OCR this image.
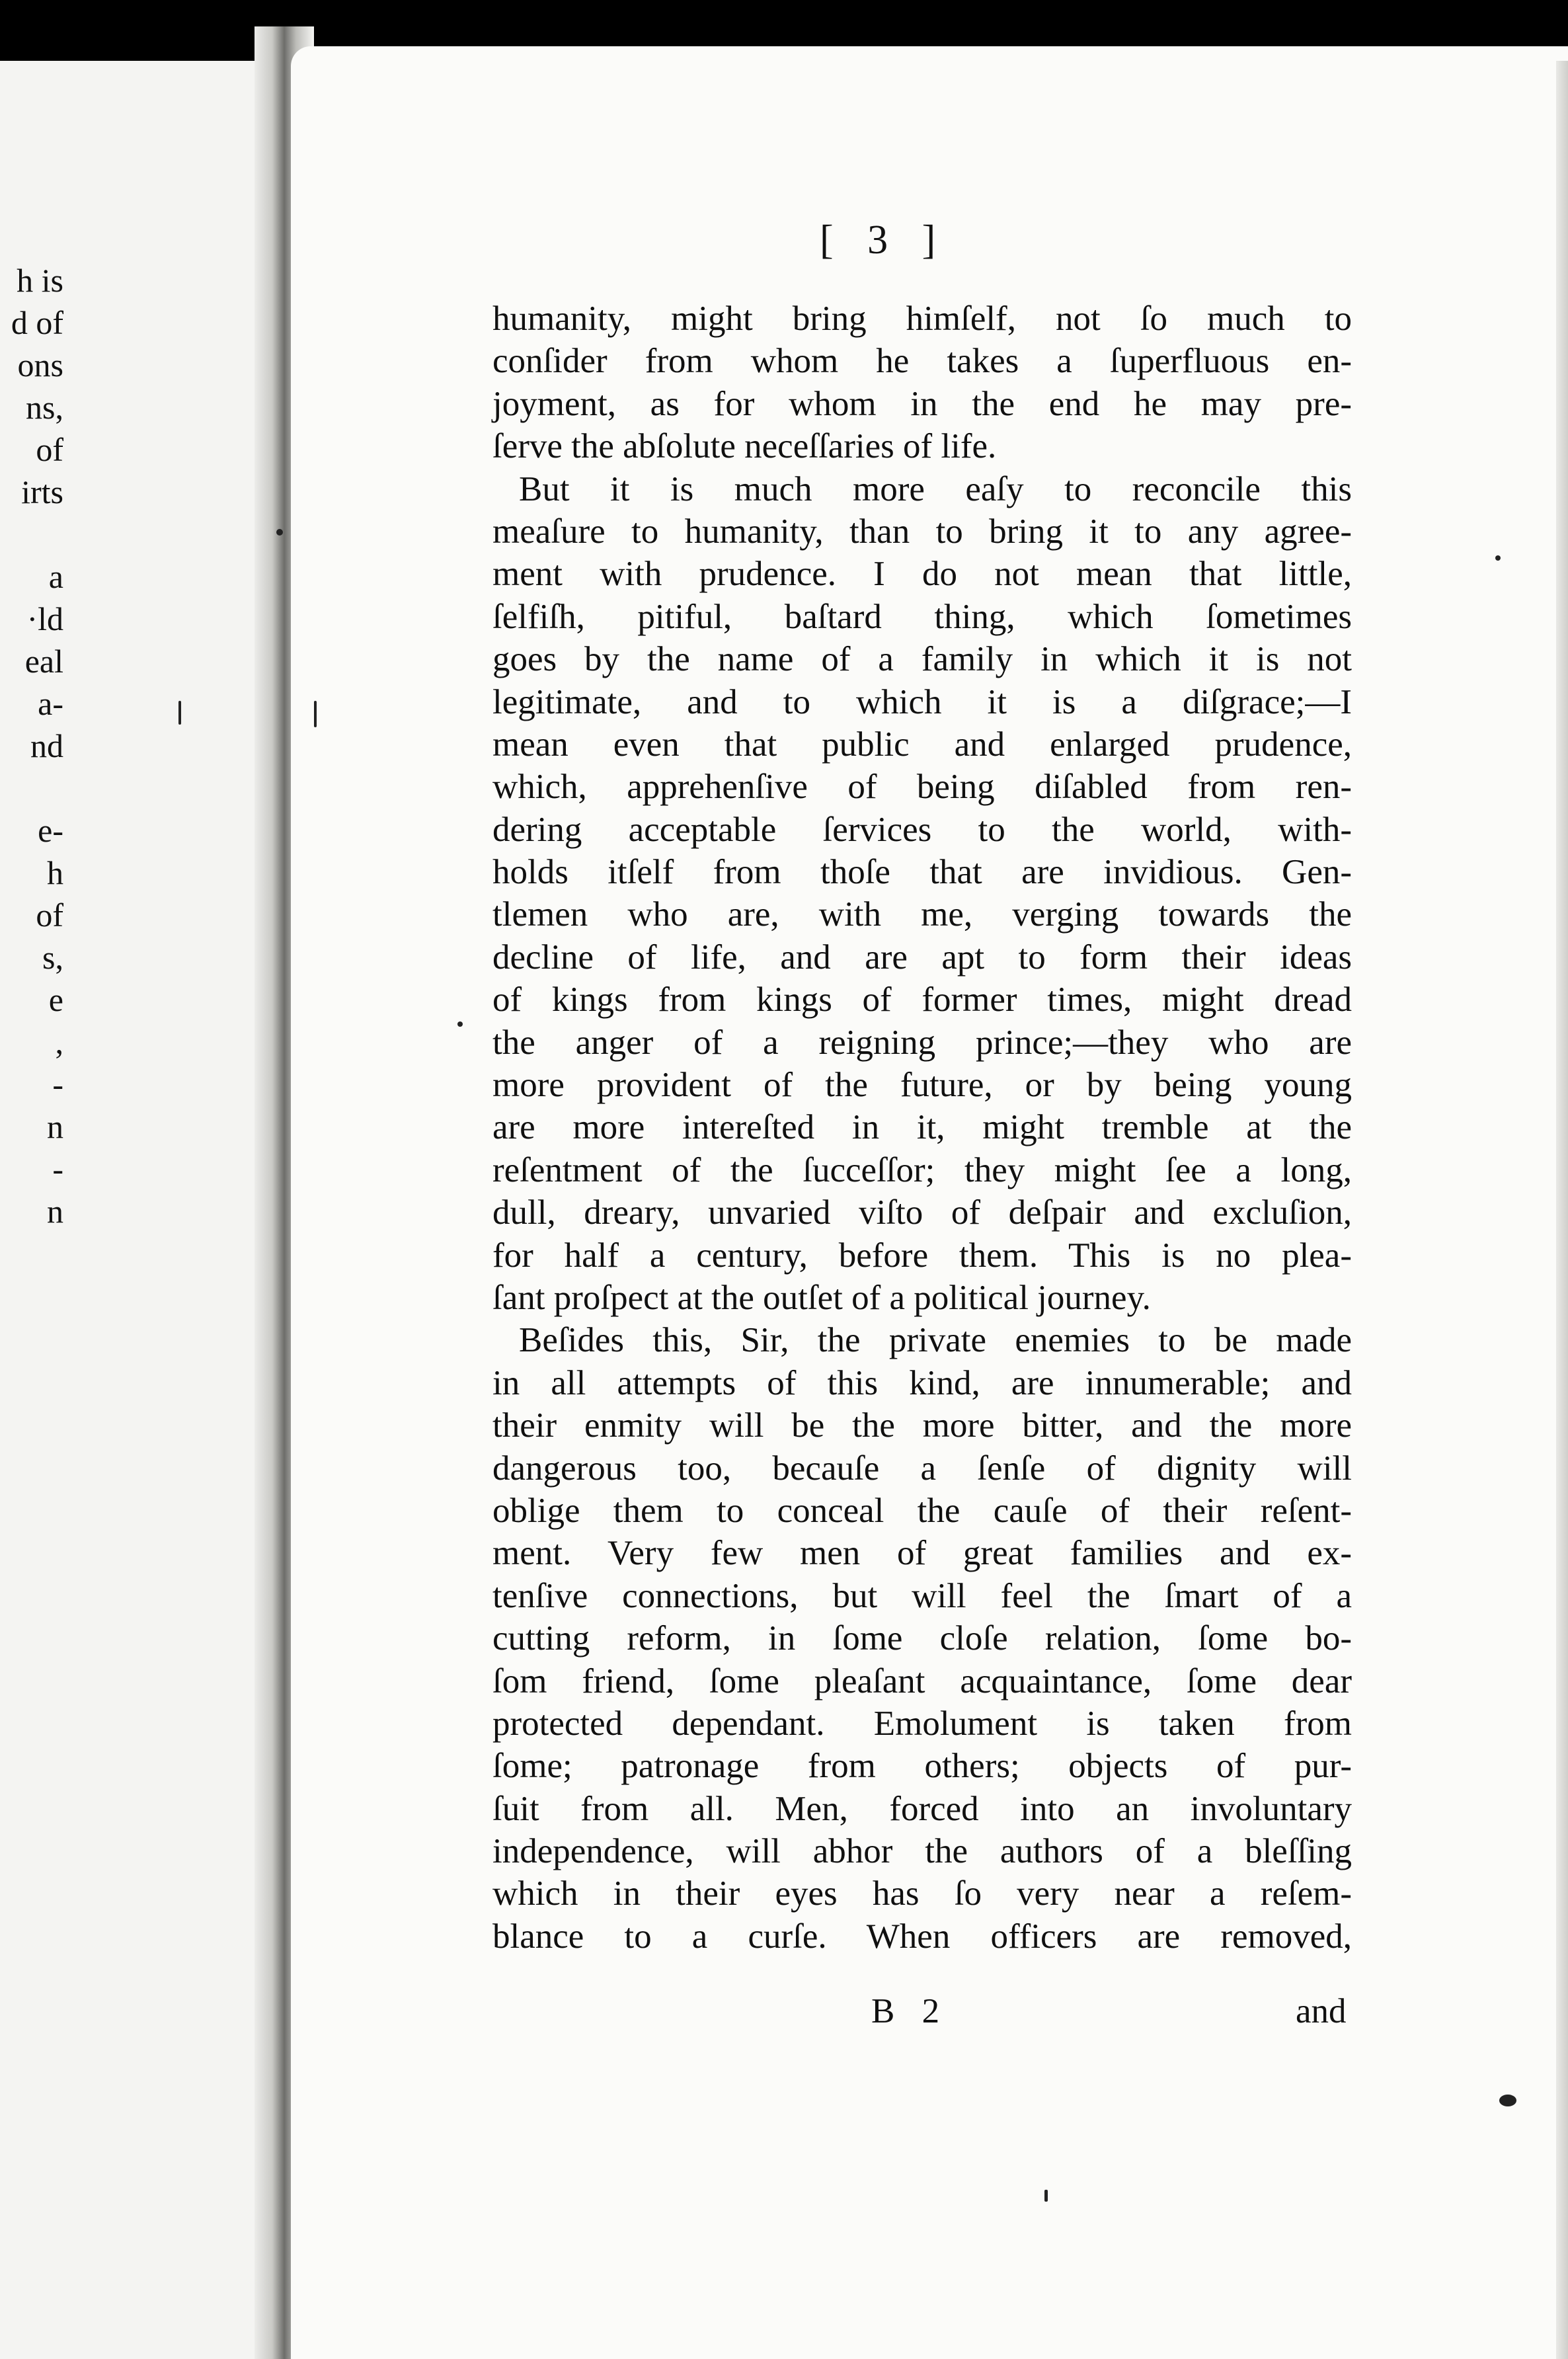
h is
d of
ons
ns,
of
irts

a
·ld
eal
a-
nd

e-
h
of
s,
e
,
-
n
-
n
[ 3 ]
humanity, might bring himſelf, not ſo much to
conſider from whom he takes a ſuperfluous en-
joyment, as for whom in the end he may pre-
ſerve the abſolute neceſſaries of life.
But it is much more eaſy to reconcile this
meaſure to humanity, than to bring it to any agree-
ment with prudence. I do not mean that little,
ſelfiſh, pitiful, baſtard thing, which ſometimes
goes by the name of a family in which it is not
legitimate, and to which it is a diſgrace;—I
mean even that public and enlarged prudence,
which, apprehenſive of being diſabled from ren-
dering acceptable ſervices to the world, with-
holds itſelf from thoſe that are invidious. Gen-
tlemen who are, with me, verging towards the
decline of life, and are apt to form their ideas
of kings from kings of former times, might dread
the anger of a reigning prince;—they who are
more provident of the future, or by being young
are more intereſted in it, might tremble at the
reſentment of the ſucceſſor; they might ſee a long,
dull, dreary, unvaried viſto of deſpair and excluſion,
for half a century, before them. This is no plea-
ſant proſpect at the outſet of a political journey.
Beſides this, Sir, the private enemies to be made
in all attempts of this kind, are innumerable; and
their enmity will be the more bitter, and the more
dangerous too, becauſe a ſenſe of dignity will
oblige them to conceal the cauſe of their reſent-
ment. Very few men of great families and ex-
tenſive connections, but will feel the ſmart of a
cutting reform, in ſome cloſe relation, ſome bo-
ſom friend, ſome pleaſant acquaintance, ſome dear
protected dependant. Emolument is taken from
ſome; patronage from others; objects of pur-
ſuit from all. Men, forced into an involuntary
independence, will abhor the authors of a bleſſing
which in their eyes has ſo very near a reſem-
blance to a curſe. When officers are removed,
B 2	and
